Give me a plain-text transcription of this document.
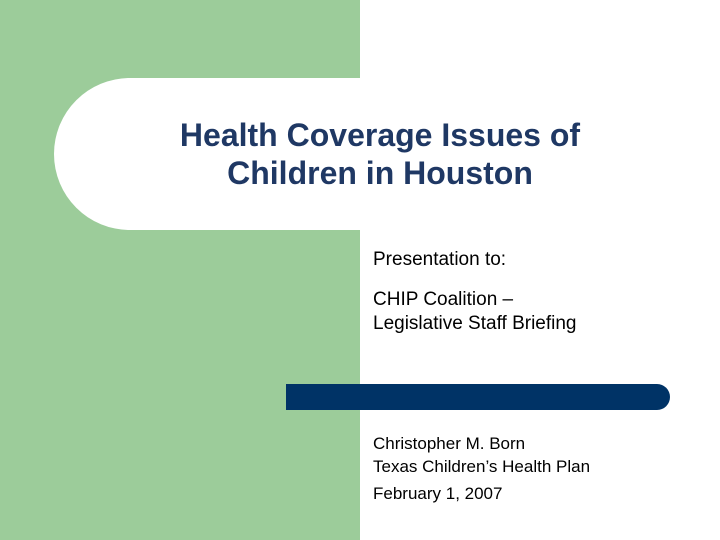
Health Coverage Issues of
Children in Houston

Presentation to:

CHIP Coalition –

Legislative Staff Briefing

Christopher M. Born

Texas Children’s Health Plan

February 1, 2007
